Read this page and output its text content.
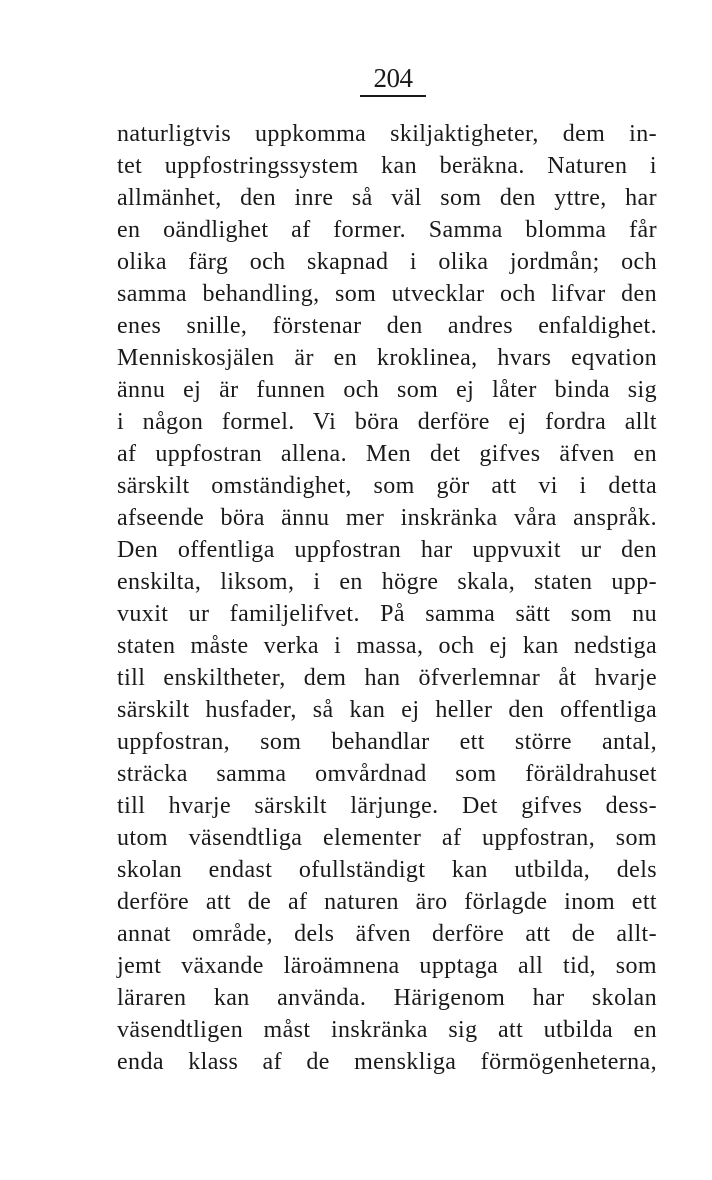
204
naturligtvis uppkomma skiljaktigheter, dem in-
tet uppfostringssystem kan beräkna. Naturen i
allmänhet, den inre så väl som den yttre, har
en oändlighet af former. Samma blomma får
olika färg och skapnad i olika jordmån; och
samma behandling, som utvecklar och lifvar den
enes snille, förstenar den andres enfaldighet.
Menniskosjälen är en kroklinea, hvars eqvation
ännu ej är funnen och som ej låter binda sig
i någon formel. Vi böra derföre ej fordra allt
af uppfostran allena. Men det gifves äfven en
särskilt omständighet, som gör att vi i detta
afseende böra ännu mer inskränka våra anspråk.
Den offentliga uppfostran har uppvuxit ur den
enskilta, liksom, i en högre skala, staten upp-
vuxit ur familjelifvet. På samma sätt som nu
staten måste verka i massa, och ej kan nedstiga
till enskiltheter, dem han öfverlemnar åt hvarje
särskilt husfader, så kan ej heller den offentliga
uppfostran, som behandlar ett större antal,
sträcka samma omvårdnad som föräldrahuset
till hvarje särskilt lärjunge. Det gifves dess-
utom väsendtliga elementer af uppfostran, som
skolan endast ofullständigt kan utbilda, dels
derföre att de af naturen äro förlagde inom ett
annat område, dels äfven derföre att de allt-
jemt växande läroämnena upptaga all tid, som
läraren kan använda. Härigenom har skolan
väsendtligen måst inskränka sig att utbilda en
enda klass af de menskliga förmögenheterna,
